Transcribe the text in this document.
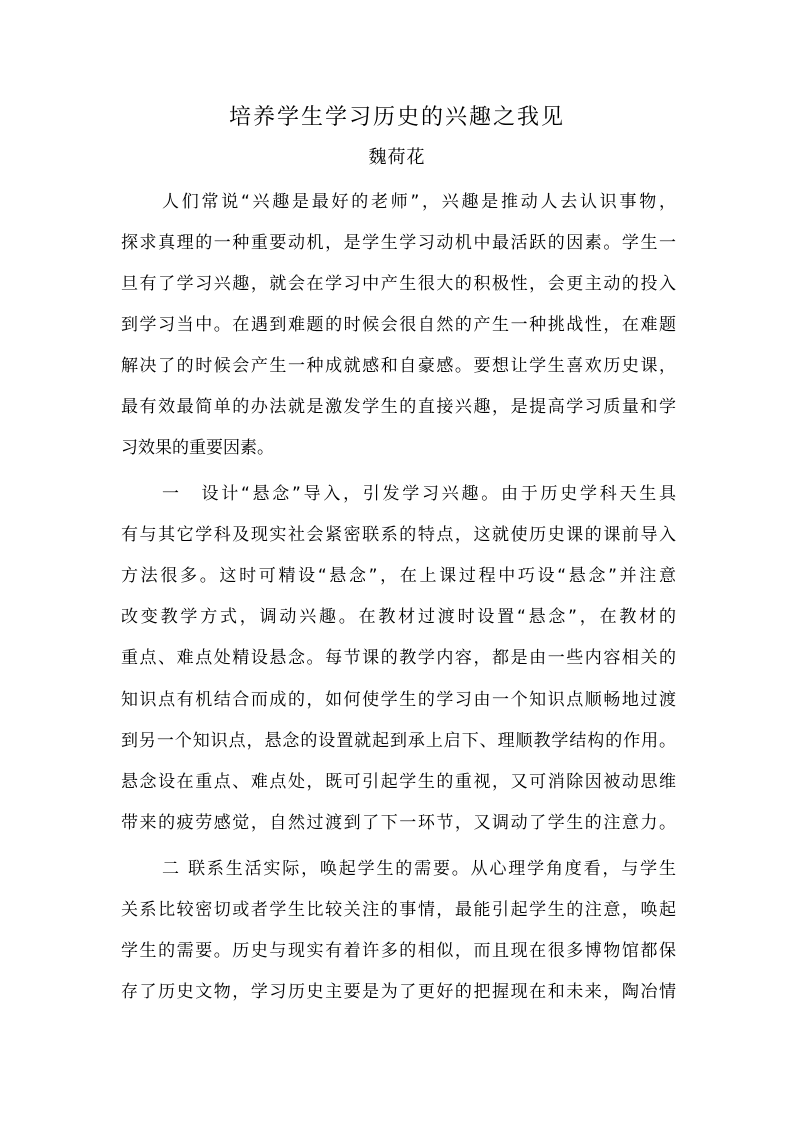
培养学生学习历史的兴趣之我见
魏荷花
人们常说“兴趣是最好的老师”，兴趣是推动人去认识事物，
探求真理的一种重要动机，是学生学习动机中最活跃的因素。学生一
旦有了学习兴趣，就会在学习中产生很大的积极性，会更主动的投入
到学习当中。在遇到难题的时候会很自然的产生一种挑战性，在难题
解决了的时候会产生一种成就感和自豪感。要想让学生喜欢历史课，
最有效最简单的办法就是激发学生的直接兴趣，是提高学习质量和学
习效果的重要因素。
一　设计“悬念”导入，引发学习兴趣。由于历史学科天生具
有与其它学科及现实社会紧密联系的特点，这就使历史课的课前导入
方法很多。这时可精设“悬念”，在上课过程中巧设“悬念”并注意
改变教学方式，调动兴趣。在教材过渡时设置“悬念”，在教材的
重点、难点处精设悬念。每节课的教学内容，都是由一些内容相关的
知识点有机结合而成的，如何使学生的学习由一个知识点顺畅地过渡
到另一个知识点，悬念的设置就起到承上启下、理顺教学结构的作用。
悬念设在重点、难点处，既可引起学生的重视，又可消除因被动思维
带来的疲劳感觉，自然过渡到了下一环节，又调动了学生的注意力。
二 联系生活实际，唤起学生的需要。从心理学角度看，与学生
关系比较密切或者学生比较关注的事情，最能引起学生的注意，唤起
学生的需要。历史与现实有着许多的相似，而且现在很多博物馆都保
存了历史文物，学习历史主要是为了更好的把握现在和未来，陶冶情
